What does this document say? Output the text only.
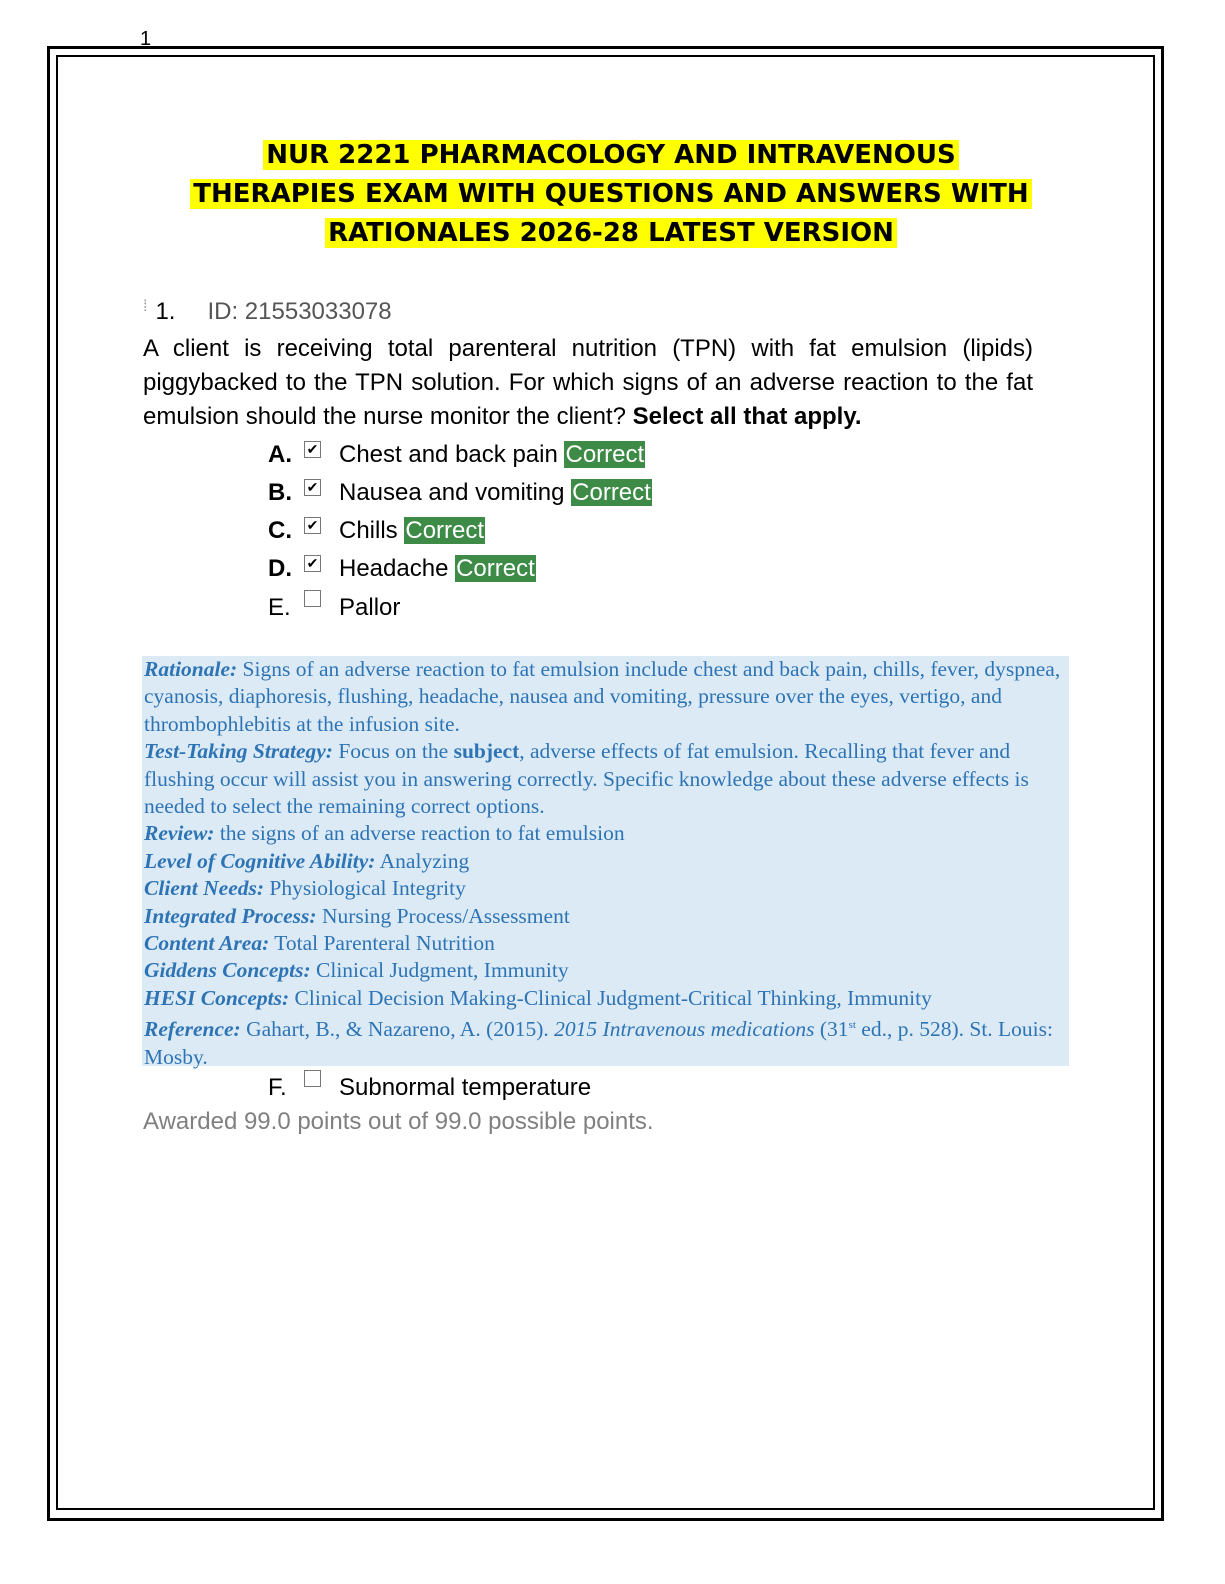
1
NUR 2221 PHARMACOLOGY AND INTRAVENOUS
THERAPIES EXAM WITH QUESTIONS AND ANSWERS WITH
RATIONALES 2026-28 LATEST VERSION
⁞ 1. ID: 21553033078
A client is receiving total parenteral nutrition (TPN) with fat emulsion (lipids) piggybacked to the TPN solution. For which signs of an adverse reaction to the fat emulsion should the nurse monitor the client? Select all that apply.
A. ✔ Chest and back pain Correct
B. ✔ Nausea and vomiting Correct
C. ✔ Chills Correct
D. ✔ Headache Correct
E. Pallor

Rationale: Signs of an adverse reaction to fat emulsion include chest and back pain, chills, fever, dyspnea, cyanosis, diaphoresis, flushing, headache, nausea and vomiting, pressure over the eyes, vertigo, and thrombophlebitis at the infusion site.

Test-Taking Strategy: Focus on the subject, adverse effects of fat emulsion. Recalling that fever and flushing occur will assist you in answering correctly. Specific knowledge about these adverse effects is needed to select the remaining correct options.

Review: the signs of an adverse reaction to fat emulsion

Level of Cognitive Ability: Analyzing

Client Needs: Physiological Integrity

Integrated Process: Nursing Process/Assessment

Content Area: Total Parenteral Nutrition

Giddens Concepts: Clinical Judgment, Immunity

HESI Concepts: Clinical Decision Making-Clinical Judgment-Critical Thinking, Immunity

Reference: Gahart, B., & Nazareno, A. (2015). 2015 Intravenous medications (31st ed., p. 528). St. Louis: Mosby.

F. Subnormal temperature
Awarded 99.0 points out of 99.0 possible points.
